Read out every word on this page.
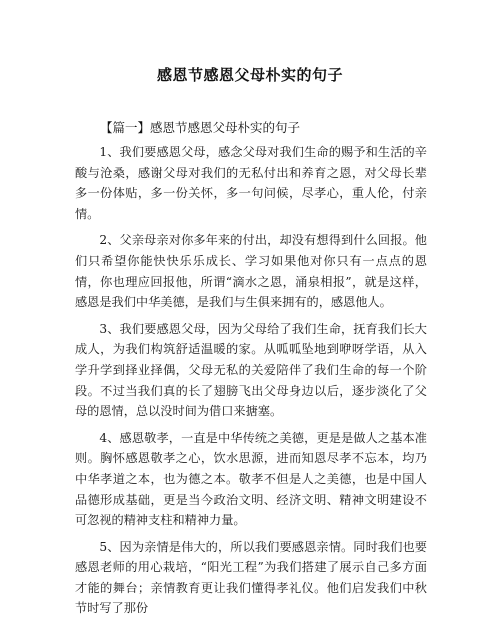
感恩节感恩父母朴实的句子
【篇一】感恩节感恩父母朴实的句子

1、我们要感恩父母，感念父母对我们生命的赐予和生活的辛酸与沧桑，感谢父母对我们的无私付出和养育之恩，对父母长辈多一份体贴，多一份关怀，多一句问候，尽孝心，重人伦，付亲情。

2、父亲母亲对你多年来的付出，却没有想得到什么回报。他们只希望你能快快乐乐成长、学习如果他对你只有一点点的恩情，你也理应回报他，所谓“滴水之恩，涌泉相报”，就是这样，感恩是我们中华美德，是我们与生俱来拥有的，感恩他人。

3、我们要感恩父母，因为父母给了我们生命，抚育我们长大成人，为我们构筑舒适温暖的家。从呱呱坠地到咿呀学语，从入学升学到择业择偶，父母无私的关爱陪伴了我们生命的每一个阶段。不过当我们真的长了翅膀飞出父母身边以后，逐步淡化了父母的恩情，总以没时间为借口来搪塞。

4、感恩敬孝，一直是中华传统之美德，更是是做人之基本准则。胸怀感恩敬孝之心，饮水思源，进而知恩尽孝不忘本，均乃中华孝道之本，也为德之本。敬孝不但是人之美德，也是中国人品德形成基础，更是当今政治文明、经济文明、精神文明建设不可忽视的精神支柱和精神力量。

5、因为亲情是伟大的，所以我们要感恩亲情。同时我们也要感恩老师的用心栽培，“阳光工程”为我们搭建了展示自己多方面才能的舞台；亲情教育更让我们懂得孝礼仪。他们启发我们中秋节时写了那份
